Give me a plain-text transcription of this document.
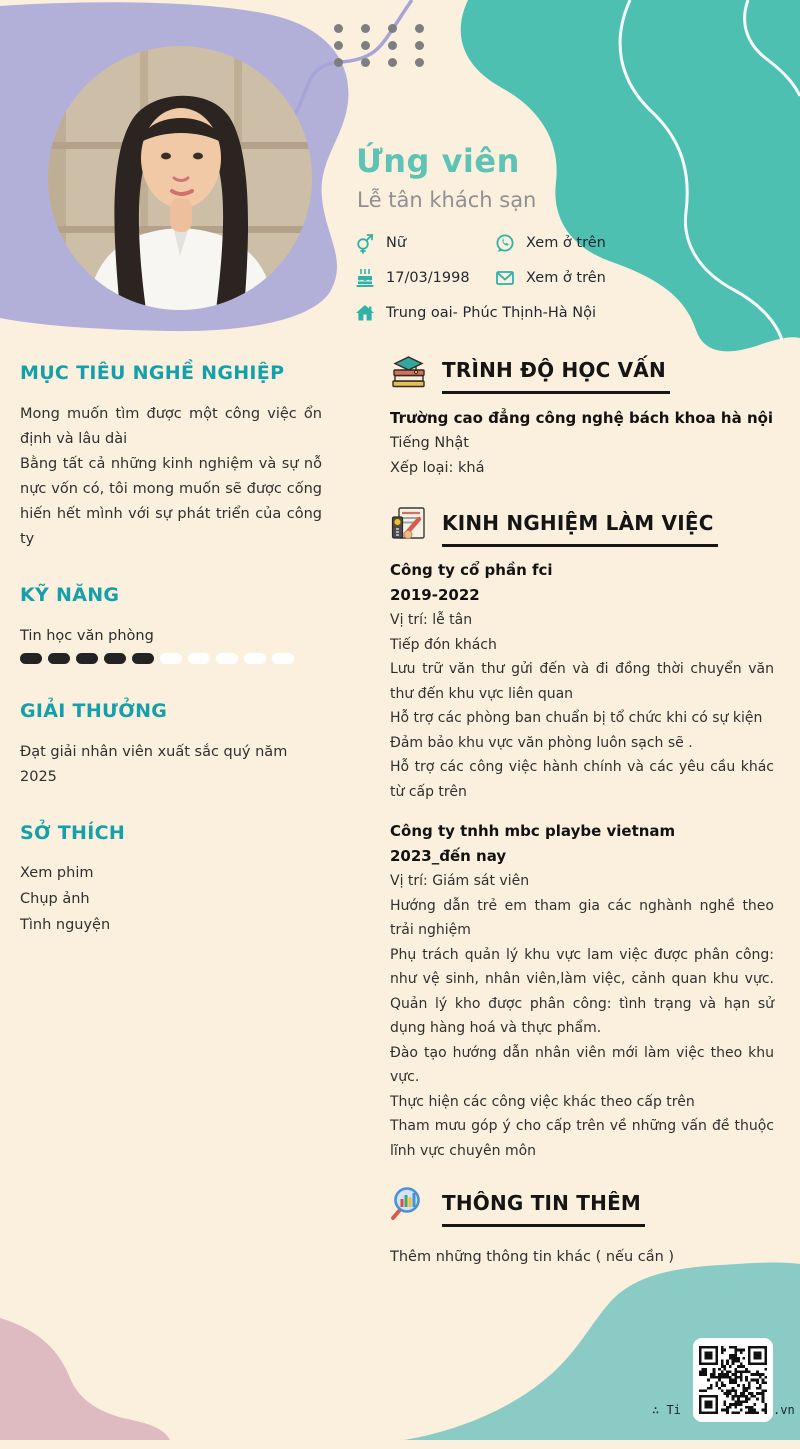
Ứng viên
Lễ tân khách sạn
Nữ	Xem ở trên
17/03/1998	Xem ở trên
Trung oai- Phúc Thịnh-Hà Nội
MỤC TIÊU NGHỀ NGHIỆP

Mong muốn tìm được một công việc ổn định và lâu dài

Bằng tất cả những kinh nghiệm và sự nỗ nực vốn có, tôi mong muốn sẽ được cống hiến hết mình với sự phát triển của công ty

KỸ NĂNG
Tin học văn phòng
GIẢI THƯỞNG
Đạt giải nhân viên xuất sắc quý năm 2025
SỞ THÍCH
Xem phim
Chụp ảnh
Tình nguyện
TRÌNH ĐỘ HỌC VẤN

Trường cao đẳng công nghệ bách khoa hà nội

Tiếng Nhật

Xếp loại: khá

KINH NGHIỆM LÀM VIỆC

Công ty cổ phần fci

2019-2022

Vị trí: lễ tân

Tiếp đón khách

Lưu trữ văn thư gửi đến và đi đồng thời chuyển văn thư đến khu vực liên quan

Hỗ trợ các phòng ban chuẩn bị tổ chức khi có sự kiện

Đảm bảo khu vực văn phòng luôn sạch sẽ .

Hỗ trợ các công việc hành chính và các yêu cầu khác từ cấp trên

Công ty tnhh mbc playbe vietnam

2023_đến nay

Vị trí: Giám sát viên

Hướng dẫn trẻ em tham gia các nghành nghề theo trải nghiệm

Phụ trách quản lý khu vực lam việc được phân công: như vệ sinh, nhân viên,làm việc, cảnh quan khu vực. Quản lý kho được phân công: tình trạng và hạn sử dụng hàng hoá và thực phẩm.

Đào tạo hướng dẫn nhân viên mới làm việc theo khu vực.

Thực hiện các công việc khác theo cấp trên

Tham mưu góp ý cho cấp trên về những vấn đề thuộc lĩnh vực chuyên môn

THÔNG TIN THÊM

Thêm những thông tin khác ( nếu cần )

∴ Ti	.vn
